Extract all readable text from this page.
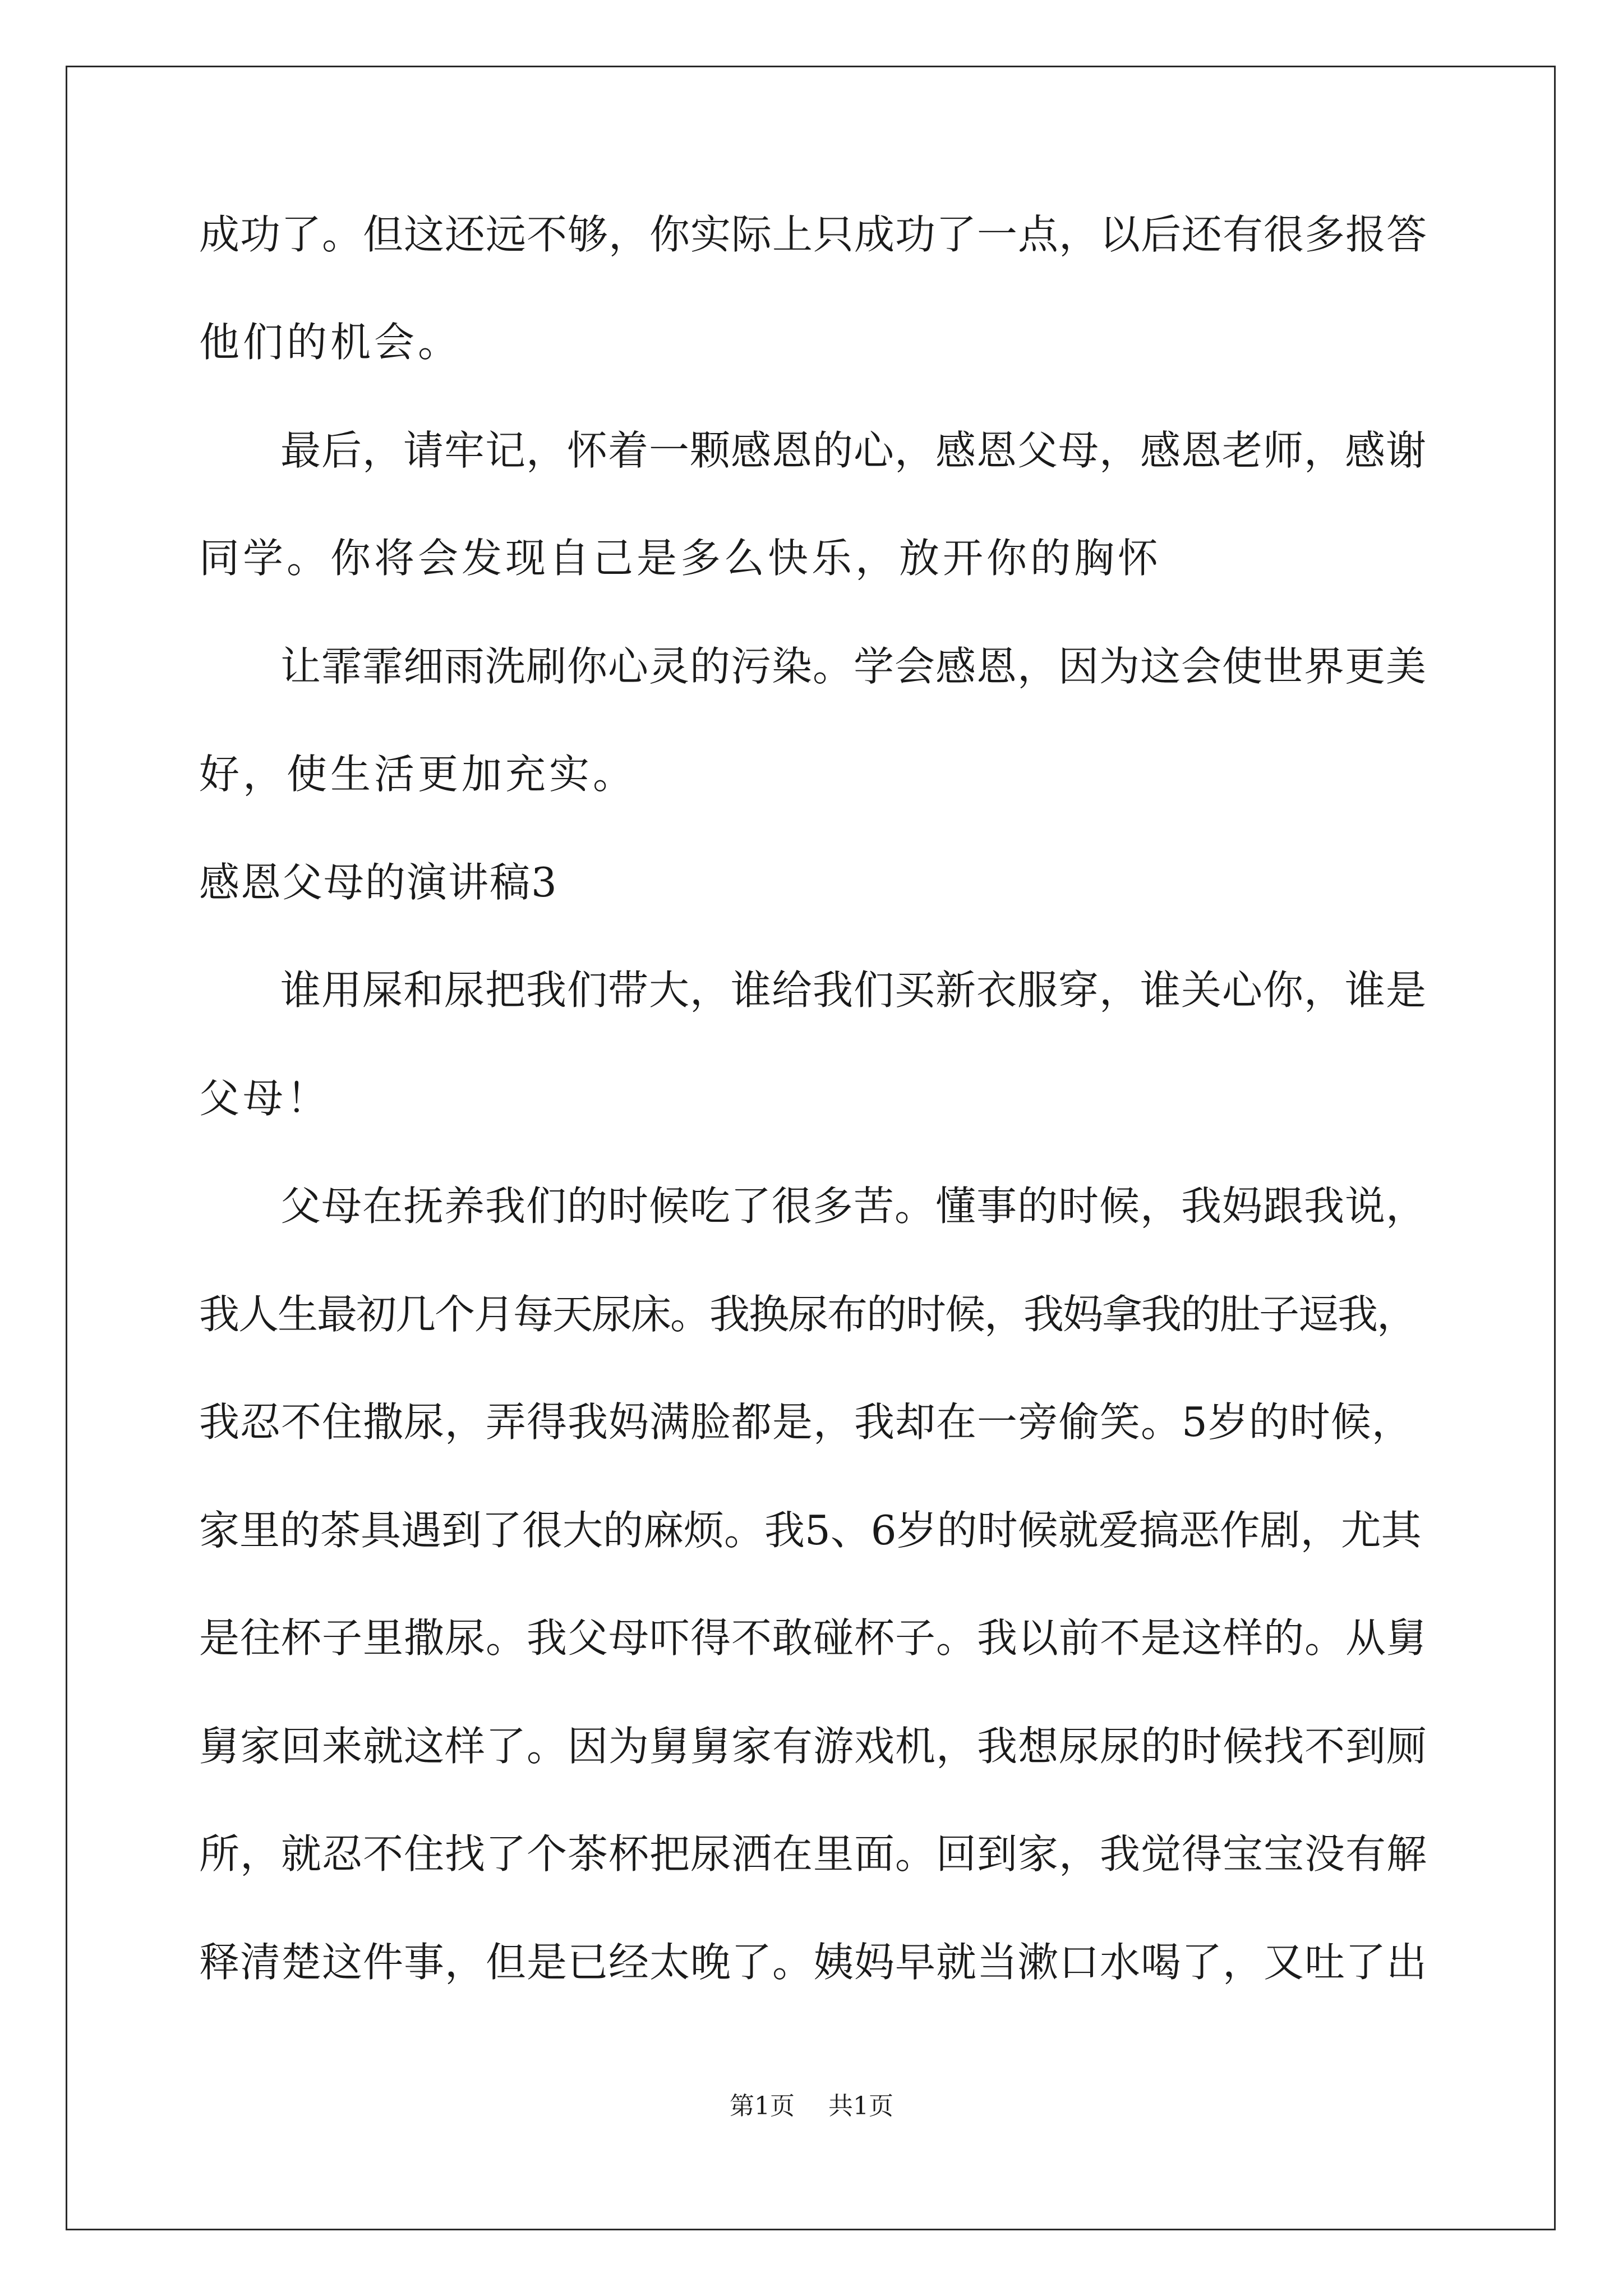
成功了。但这还远不够，你实际上只成功了一点，以后还有很多报答
他们的机会。
最后，请牢记，怀着一颗感恩的心，感恩父母，感恩老师，感谢
同学。你将会发现自己是多么快乐，放开你的胸怀
让霏霏细雨洗刷你心灵的污染。学会感恩，因为这会使世界更美
好，使生活更加充实。
感恩父母的演讲稿3
谁用屎和尿把我们带大，谁给我们买新衣服穿，谁关心你，谁是
父母！
父母在抚养我们的时候吃了很多苦。懂事的时候，我妈跟我说，
我人生最初几个月每天尿床。我换尿布的时候，我妈拿我的肚子逗我，
我忍不住撒尿，弄得我妈满脸都是，我却在一旁偷笑。5岁的时候，
家里的茶具遇到了很大的麻烦。我5、6岁的时候就爱搞恶作剧，尤其
是往杯子里撒尿。我父母吓得不敢碰杯子。我以前不是这样的。从舅
舅家回来就这样了。因为舅舅家有游戏机，我想尿尿的时候找不到厕
所，就忍不住找了个茶杯把尿洒在里面。回到家，我觉得宝宝没有解
释清楚这件事，但是已经太晚了。姨妈早就当漱口水喝了，又吐了出
第1页 共1页
